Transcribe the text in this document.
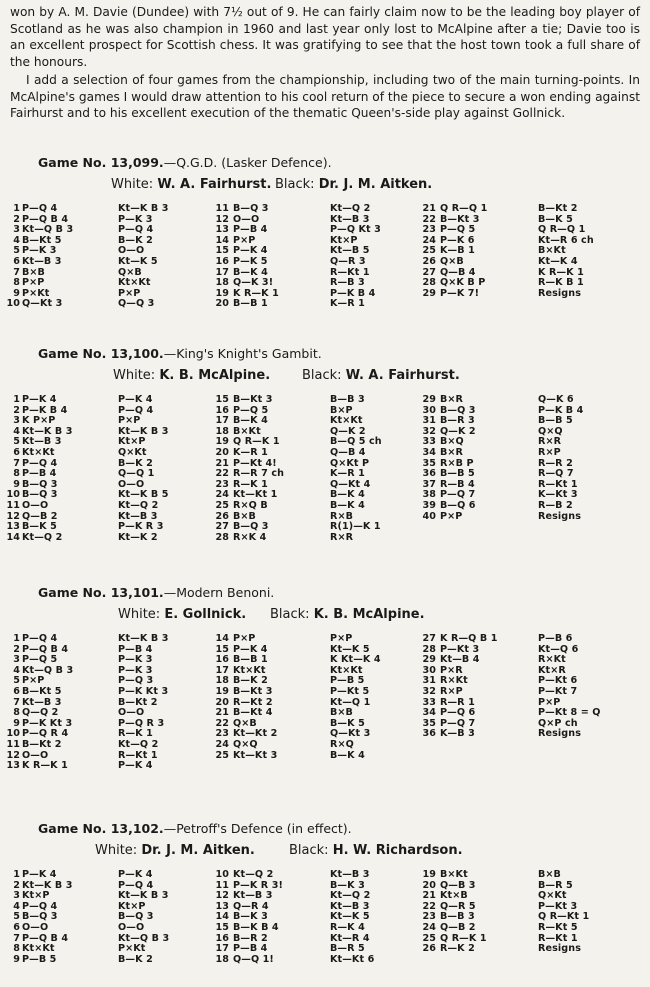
won by A. M. Davie (Dundee) with 7½ out of 9. He can fairly claim now to be the leading boy player of Scotland as he was also champion in 1960 and last year only lost to McAlpine after a tie; Davie too is an excellent prospect for Scottish chess. It was gratifying to see that the host town took a full share of the honours.

I add a selection of four games from the championship, including two of the main turning-points. In McAlpine's games I would draw attention to his cool return of the piece to secure a won ending against Fairhurst and to his excellent execution of the thematic Queen's-side play against Gollnick.

Game No. 13,099.—Q.G.D. (Lasker Defence).
White: W. A. Fairhurst. Black: Dr. J. M. Aitken.
1 P—Q 4	Kt—K B 3
2 P—Q B 4	P—K 3
3 Kt—Q B 3	P—Q 4
4 B—Kt 5	B—K 2
5 P—K 3	O—O
6 Kt—B 3	Kt—K 5
7 B×B	Q×B
8 P×P	Kt×Kt
9 P×Kt	P×P
10 Q—Kt 3	Q—Q 3
11 B—Q 3	Kt—Q 2
12 O—O	Kt—B 3
13 P—B 4	P—Q Kt 3
14 P×P	Kt×P
15 P—K 4	Kt—B 5
16 P—K 5	Q—R 3
17 B—K 4	R—Kt 1
18 Q—K 3!	R—B 3
19 K R—K 1	P—K B 4
20 B—B 1	K—R 1
21 Q R—Q 1	B—Kt 2
22 B—Kt 3	B—K 5
23 P—Q 5	Q R—Q 1
24 P—K 6	Kt—R 6 ch
25 K—B 1	B×Kt
26 Q×B	Kt—K 4
27 Q—B 4	K R—K 1
28 Q×K B P	R—K B 1
29 P—K 7!	Resigns
Game No. 13,100.—King's Knight's Gambit.
White: K. B. McAlpine. Black: W. A. Fairhurst.
1 P—K 4	P—K 4
2 P—K B 4	P—Q 4
3 K P×P	P×P
4 Kt—K B 3	Kt—K B 3
5 Kt—B 3	Kt×P
6 Kt×Kt	Q×Kt
7 P—Q 4	B—K 2
8 P—B 4	Q—Q 1
9 B—Q 3	O—O
10 B—Q 3	Kt—K B 5
11 O—O	Kt—Q 2
12 Q—B 2	Kt—B 3
13 B—K 5	P—K R 3
14 Kt—Q 2	Kt—K 2
15 B—Kt 3	B—B 3
16 P—Q 5	B×P
17 B—K 4	Kt×Kt
18 B×Kt	Q—K 2
19 Q R—K 1	B—Q 5 ch
20 K—R 1	Q—B 4
21 P—Kt 4!	Q×Kt P
22 R—R 7 ch	K—R 1
23 R—K 1	Q—Kt 4
24 Kt—Kt 1	B—K 4
25 R×Q B	B—K 4
26 B×B	R×B
27 B—Q 3	R(1)—K 1
28 R×K 4	R×R
29 B×R	Q—K 6
30 B—Q 3	P—K B 4
31 B—R 3	B—B 5
32 Q—K 2	Q×Q
33 B×Q	R×R
34 B×R	R×P
35 R×B P	R—R 2
36 B—B 5	R—Q 7
37 R—B 4	R—Kt 1
38 P—Q 7	K—Kt 3
39 B—Q 6	R—B 2
40 P×P	Resigns
Game No. 13,101.—Modern Benoni.
White: E. Gollnick. Black: K. B. McAlpine.
1 P—Q 4	Kt—K B 3
2 P—Q B 4	P—B 4
3 P—Q 5	P—K 3
4 Kt—Q B 3	P—K 3
5 P×P	P—Q 3
6 B—Kt 5	P—K Kt 3
7 Kt—B 3	B—Kt 2
8 Q—Q 2	O—O
9 P—K Kt 3	P—Q R 3
10 P—Q R 4	R—K 1
11 B—Kt 2	Kt—Q 2
12 O—O	R—Kt 1
13 K R—K 1	P—K 4
14 P×P	P×P
15 P—K 4	Kt—K 5
16 B—B 1	K Kt—K 4
17 Kt×Kt	Kt×Kt
18 B—K 2	P—B 5
19 B—Kt 3	P—Kt 5
20 R—Kt 2	Kt—Q 1
21 B—Kt 4	B×B
22 Q×B	B—K 5
23 Kt—Kt 2	Q—Kt 3
24 Q×Q	R×Q
25 Kt—Kt 3	B—K 4
27 K R—Q B 1	P—B 6
28 P—Kt 3	Kt—Q 6
29 Kt—B 4	R×Kt
30 P×R	Kt×R
31 R×Kt	P—Kt 6
32 R×P	P—Kt 7
33 R—R 1	P×P
34 P—Q 6	P—Kt 8 = Q
35 P—Q 7	Q×P ch
36 K—B 3	Resigns
Game No. 13,102.—Petroff's Defence (in effect).
White: Dr. J. M. Aitken.	Black: H. W. Richardson.
1 P—K 4	P—K 4
2 Kt—K B 3	P—Q 4
3 Kt×P	Kt—K B 3
4 P—Q 4	Kt×P
5 B—Q 3	B—Q 3
6 O—O	O—O
7 P—Q B 4	Kt—Q B 3
8 Kt×Kt	P×Kt
9 P—B 5	B—K 2
10 Kt—Q 2	Kt—B 3
11 P—K R 3!	B—K 3
12 Kt—B 3	Kt—Q 2
13 Q—R 4	Kt—B 3
14 B—K 3	Kt—K 5
15 B—K B 4	R—K 4
16 B—R 2	Kt—R 4
17 P—B 4	B—R 5
18 Q—Q 1!	Kt—Kt 6
19 B×Kt	B×B
20 Q—B 3	B—R 5
21 Kt×B	Q×Kt
22 Q—R 5	P—Kt 3
23 B—B 3	Q R—Kt 1
24 Q—B 2	R—Kt 5
25 Q R—K 1	R—Kt 1
26 R—K 2	Resigns
